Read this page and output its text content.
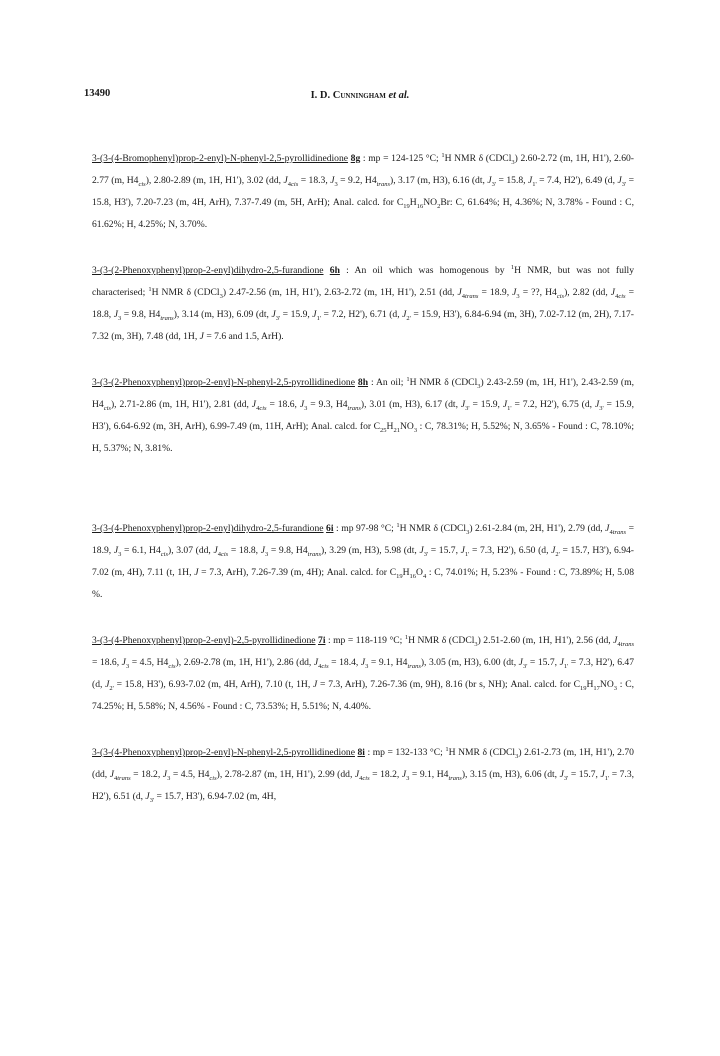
13490	I. D. Cunningham et al.
3-(3-(4-Bromophenyl)prop-2-enyl)-N-phenyl-2,5-pyrollidinedione 8g : mp = 124-125 °C; $^1$H NMR δ (CDCl$_3$) 2.60-2.72 (m, 1H, H1'), 2.60-2.77 (m, $H4_{cis}$), 2.80-2.89 (m, 1H, H1'), 3.02 (dd, $J_{4cis} = 18.3$, $J_3 = 9.2$, $H4_{trans}$), 3.17 (m, H3), 6.16 (dt, $J_{3'} = 15.8$, $J_{1'} = 7.4$, H2'), 6.49 (d, $J_{3'} = 15.8$, H3'), 7.20-7.23 (m, 4H, ArH), 7.37-7.49 (m, 5H, ArH); Anal. calcd. for $C_{19}H_{16}NO_2Br$: C, 61.64%; H, 4.36%; N, 3.78% - Found : C, 61.62%; H, 4.25%; N, 3.70%.
3-(3-(2-Phenoxyphenyl)prop-2-enyl)dihydro-2,5-furandione 6h : An oil which was homogenous by $^1$H NMR, but was not fully characterised; $^1$H NMR δ (CDCl$_3$) 2.47-2.56 (m, 1H, H1'), 2.63-2.72 (m, 1H, H1'), 2.51 (dd, $J_{4trans} = 18.9$, $J_3$ = ??, $H4_{cis}$), 2.82 (dd, $J_{4cis} = 18.8$, $J_3 = 9.8$, $H4_{trans}$), 3.14 (m, H3), 6.09 (dt, $J_{3'} = 15.9$, $J_{1'} = 7.2$, H2'), 6.71 (d, $J_{2'} = 15.9$, H3'), 6.84-6.94 (m, 3H), 7.02-7.12 (m, 2H), 7.17-7.32 (m, 3H), 7.48 (dd, 1H, J = 7.6 and 1.5, ArH).
3-(3-(2-Phenoxyphenyl)prop-2-enyl)-N-phenyl-2,5-pyrollidinedione 8h : An oil; $^1$H NMR δ (CDCl$_3$) 2.43-2.59 (m, 1H, H1'), 2.43-2.59 (m, $H4_{cis}$), 2.71-2.86 (m, 1H, H1'), 2.81 (dd, $J_{4cis} = 18.6$, $J_3 = 9.3$, $H4_{trans}$), 3.01 (m, H3), 6.17 (dt, $J_{3'} = 15.9$, $J_{1'} = 7.2$, H2'), 6.75 (d, $J_{3'} = 15.9$, H3'), 6.64-6.92 (m, 3H, ArH), 6.99-7.49 (m, 11H, ArH); Anal. calcd. for $C_{25}H_{21}NO_3$ : C, 78.31%; H, 5.52%; N, 3.65% - Found : C, 78.10%; H, 5.37%; N, 3.81%.
3-(3-(4-Phenoxyphenyl)prop-2-enyl)dihydro-2,5-furandione 6i : mp 97-98 °C; $^1$H NMR δ (CDCl$_3$) 2.61-2.84 (m, 2H, H1'), 2.79 (dd, $J_{4trans} = 18.9$, $J_3 = 6.1$, $H4_{cis}$), 3.07 (dd, $J_{4cis} = 18.8$, $J_3 = 9.8$, $H4_{trans}$), 3.29 (m, H3), 5.98 (dt, $J_{3'} = 15.7$, $J_{1'} = 7.3$, H2'), 6.50 (d, $J_{2'} = 15.7$, H3'), 6.94-7.02 (m, 4H), 7.11 (t, 1H, J = 7.3, ArH), 7.26-7.39 (m, 4H); Anal. calcd. for $C_{19}H_{16}O_4$ : C, 74.01%; H, 5.23% - Found : C, 73.89%; H, 5.08 %.
3-(3-(4-Phenoxyphenyl)prop-2-enyl)-2,5-pyrollidinedione 7i : mp = 118-119 °C; $^1$H NMR δ (CDCl$_3$) 2.51-2.60 (m, 1H, H1'), 2.56 (dd, $J_{4trans} = 18.6$, $J_3 = 4.5$, $H4_{cis}$), 2.69-2.78 (m, 1H, H1'), 2.86 (dd, $J_{4cis} = 18.4$, $J_3 = 9.1$, $H4_{trans}$), 3.05 (m, H3), 6.00 (dt, $J_{3'} = 15.7$, $J_{1'} = 7.3$, H2'), 6.47 (d, $J_{2'} = 15.8$, H3'), 6.93-7.02 (m, 4H, ArH), 7.10 (t, 1H, J = 7.3, ArH), 7.26-7.36 (m, 9H), 8.16 (br s, NH); Anal. calcd. for $C_{19}H_{17}NO_3$ : C, 74.25%; H, 5.58%; N, 4.56% - Found : C, 73.53%; H, 5.51%; N, 4.40%.
3-(3-(4-Phenoxyphenyl)prop-2-enyl)-N-phenyl-2,5-pyrollidinedione 8i : mp = 132-133 °C; $^1$H NMR δ (CDCl$_3$) 2.61-2.73 (m, 1H, H1'), 2.70 (dd, $J_{4trans} = 18.2$, $J_3 = 4.5$, $H4_{cis}$), 2.78-2.87 (m, 1H, H1'), 2.99 (dd, $J_{4cis} = 18.2$, $J_3 = 9.1$, $H4_{trans}$), 3.15 (m, H3), 6.06 (dt, $J_{3'} = 15.7$, $J_{1'} = 7.3$, H2'), 6.51 (d, $J_{3'} = 15.7$, H3'), 6.94-7.02 (m, 4H,
